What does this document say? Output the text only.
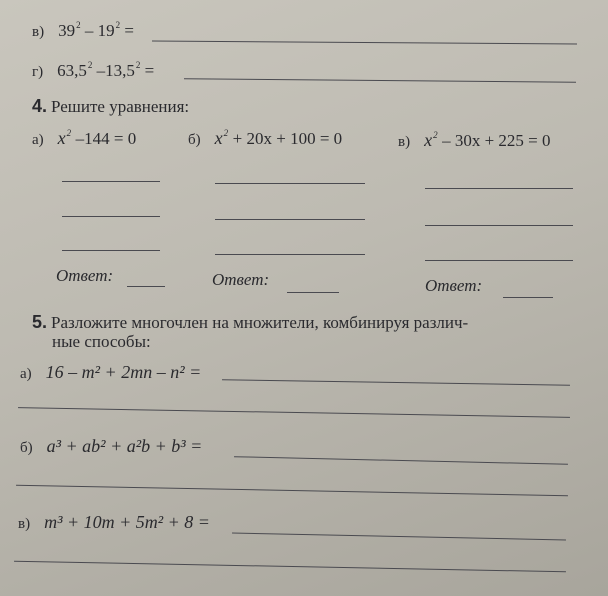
в) $39^2 - 19^2$ =
г) 63,5$^2$ $-13,5^2$ =
4. Решите уравнения:
а) $x^2$ –144 = 0	б) $x^2 + 20x + 100 = 0$	в) $x^2 - 30x + 225 = 0$
Ответ:	Ответ:	Ответ:
5. Разложите многочлен на множители, комбинируя различ-
ные способы:
а) 16 – m² + 2mn – n² =
б) a³ + ab² + a²b + b³ =
в) m³ + 10m + 5m² + 8 =
